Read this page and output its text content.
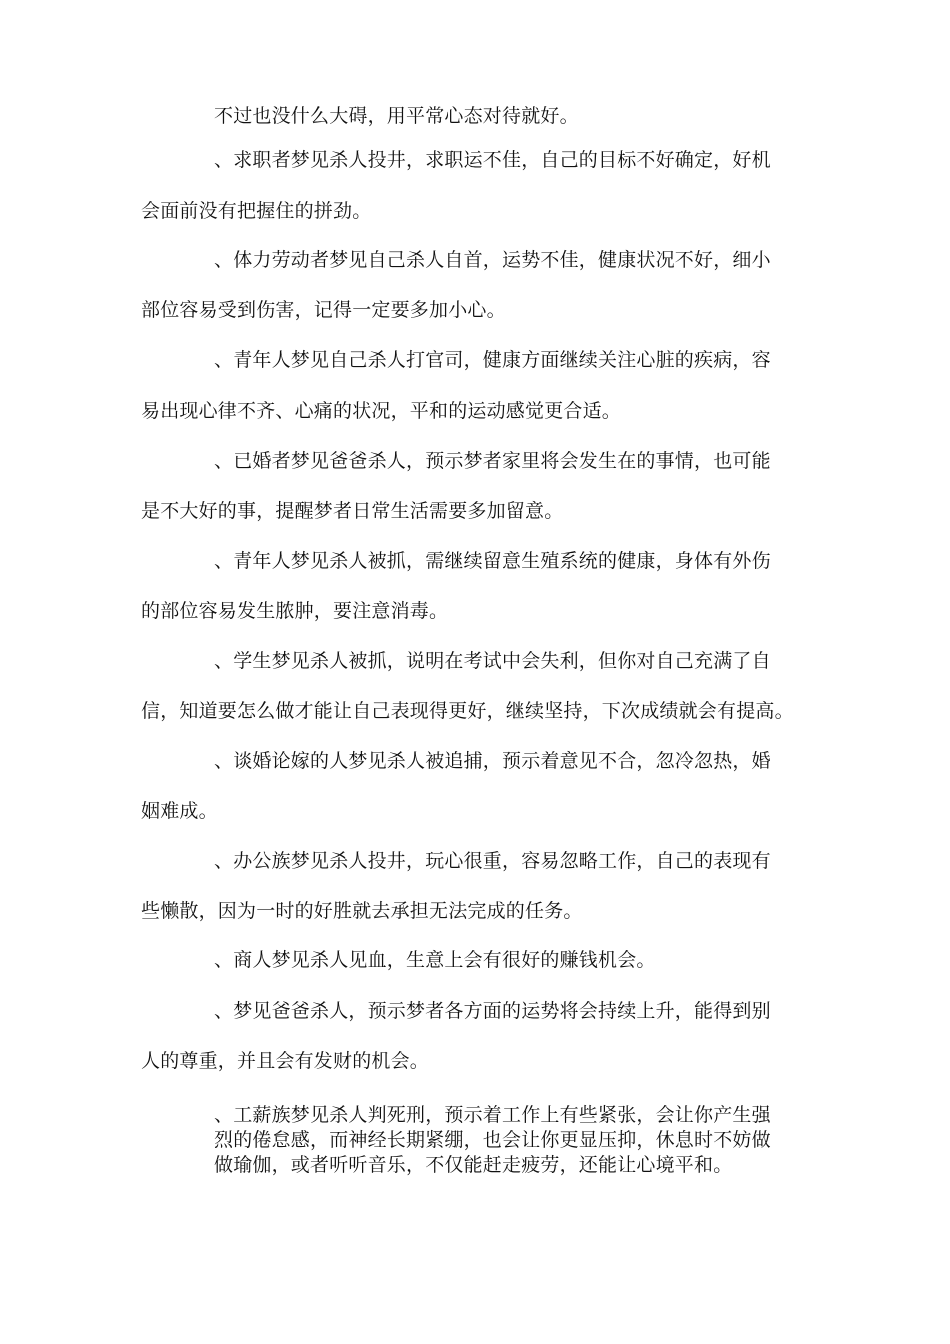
不过也没什么大碍，用平常心态对待就好。

、求职者梦见杀人投井，求职运不佳，自己的目标不好确定，好机

会面前没有把握住的拼劲。

、体力劳动者梦见自己杀人自首，运势不佳，健康状况不好，细小

部位容易受到伤害，记得一定要多加小心。

、青年人梦见自己杀人打官司，健康方面继续关注心脏的疾病，容

易出现心律不齐、心痛的状况，平和的运动感觉更合适。

、已婚者梦见爸爸杀人，预示梦者家里将会发生在的事情，也可能

是不大好的事，提醒梦者日常生活需要多加留意。

、青年人梦见杀人被抓，需继续留意生殖系统的健康，身体有外伤

的部位容易发生脓肿，要注意消毒。

、学生梦见杀人被抓，说明在考试中会失利，但你对自己充满了自

信，知道要怎么做才能让自己表现得更好，继续坚持，下次成绩就会有提高。

、谈婚论嫁的人梦见杀人被追捕，预示着意见不合，忽冷忽热，婚

姻难成。

、办公族梦见杀人投井，玩心很重，容易忽略工作，自己的表现有

些懒散，因为一时的好胜就去承担无法完成的任务。

、商人梦见杀人见血，生意上会有很好的赚钱机会。

、梦见爸爸杀人，预示梦者各方面的运势将会持续上升，能得到别

人的尊重，并且会有发财的机会。

、工薪族梦见杀人判死刑，预示着工作上有些紧张，会让你产生强

烈的倦怠感，而神经长期紧绷，也会让你更显压抑，休息时不妨做

做瑜伽，或者听听音乐，不仅能赶走疲劳，还能让心境平和。
